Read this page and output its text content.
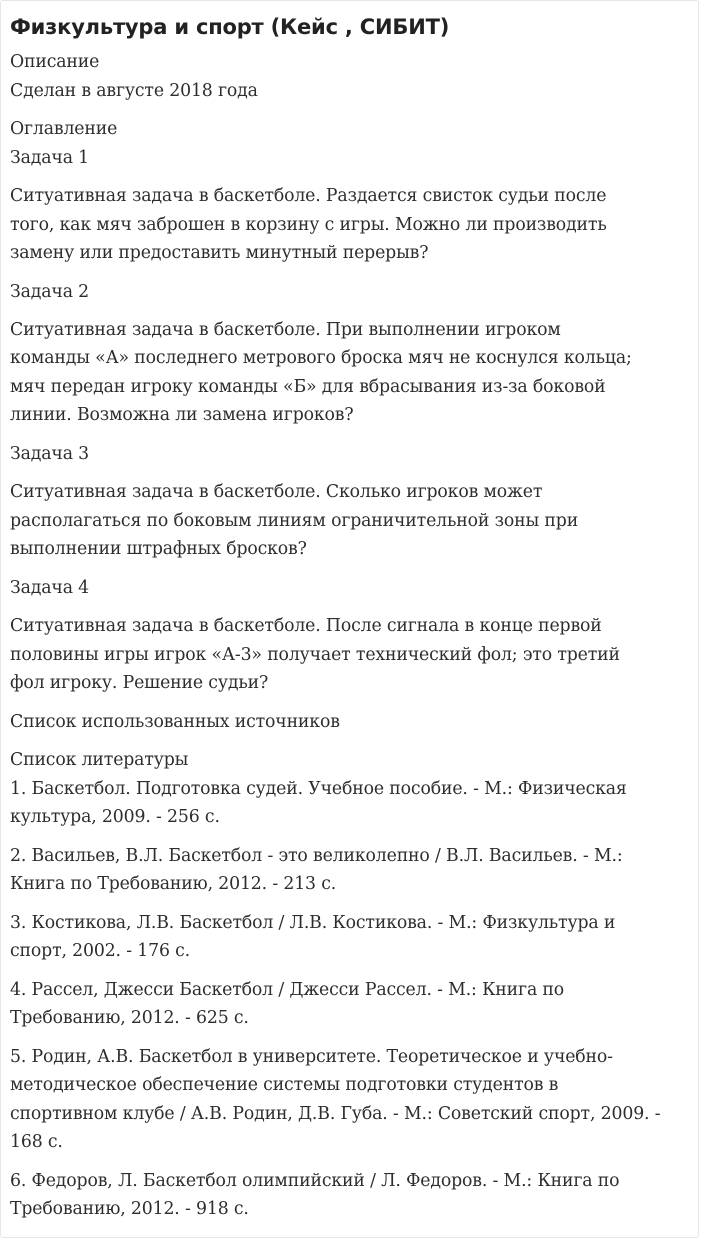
Физкультура и спорт (Кейс , СИБИТ)
Описание
Сделан в августе 2018 года
Оглавление
Задача 1
Ситуативная задача в баскетболе. Раздается свисток судьи после
того, как мяч заброшен в корзину с игры. Можно ли производить
замену или предоставить минутный перерыв?
Задача 2
Ситуативная задача в баскетболе. При выполнении игроком
команды «А» последнего метрового броска мяч не коснулся кольца;
мяч передан игроку команды «Б» для вбрасывания из-за боковой
линии. Возможна ли замена игроков?
Задача 3
Ситуативная задача в баскетболе. Сколько игроков может
располагаться по боковым линиям ограничительной зоны при
выполнении штрафных бросков?
Задача 4
Ситуативная задача в баскетболе. После сигнала в конце первой
половины игры игрок «А-3» получает технический фол; это третий
фол игроку. Решение судьи?
Список использованных источников
Список литературы
1. Баскетбол. Подготовка судей. Учебное пособие. - М.: Физическая
культура, 2009. - 256 с.
2. Васильев, В.Л. Баскетбол - это великолепно / В.Л. Васильев. - М.:
Книга по Требованию, 2012. - 213 с.
3. Костикова, Л.В. Баскетбол / Л.В. Костикова. - М.: Физкультура и
спорт, 2002. - 176 с.
4. Рассел, Джесси Баскетбол / Джесси Рассел. - М.: Книга по
Требованию, 2012. - 625 с.
5. Родин, А.В. Баскетбол в университете. Теоретическое и учебно-
методическое обеспечение системы подготовки студентов в
спортивном клубе / А.В. Родин, Д.В. Губа. - М.: Советский спорт, 2009. -
168 с.
6. Федоров, Л. Баскетбол олимпийский / Л. Федоров. - М.: Книга по
Требованию, 2012. - 918 с.
